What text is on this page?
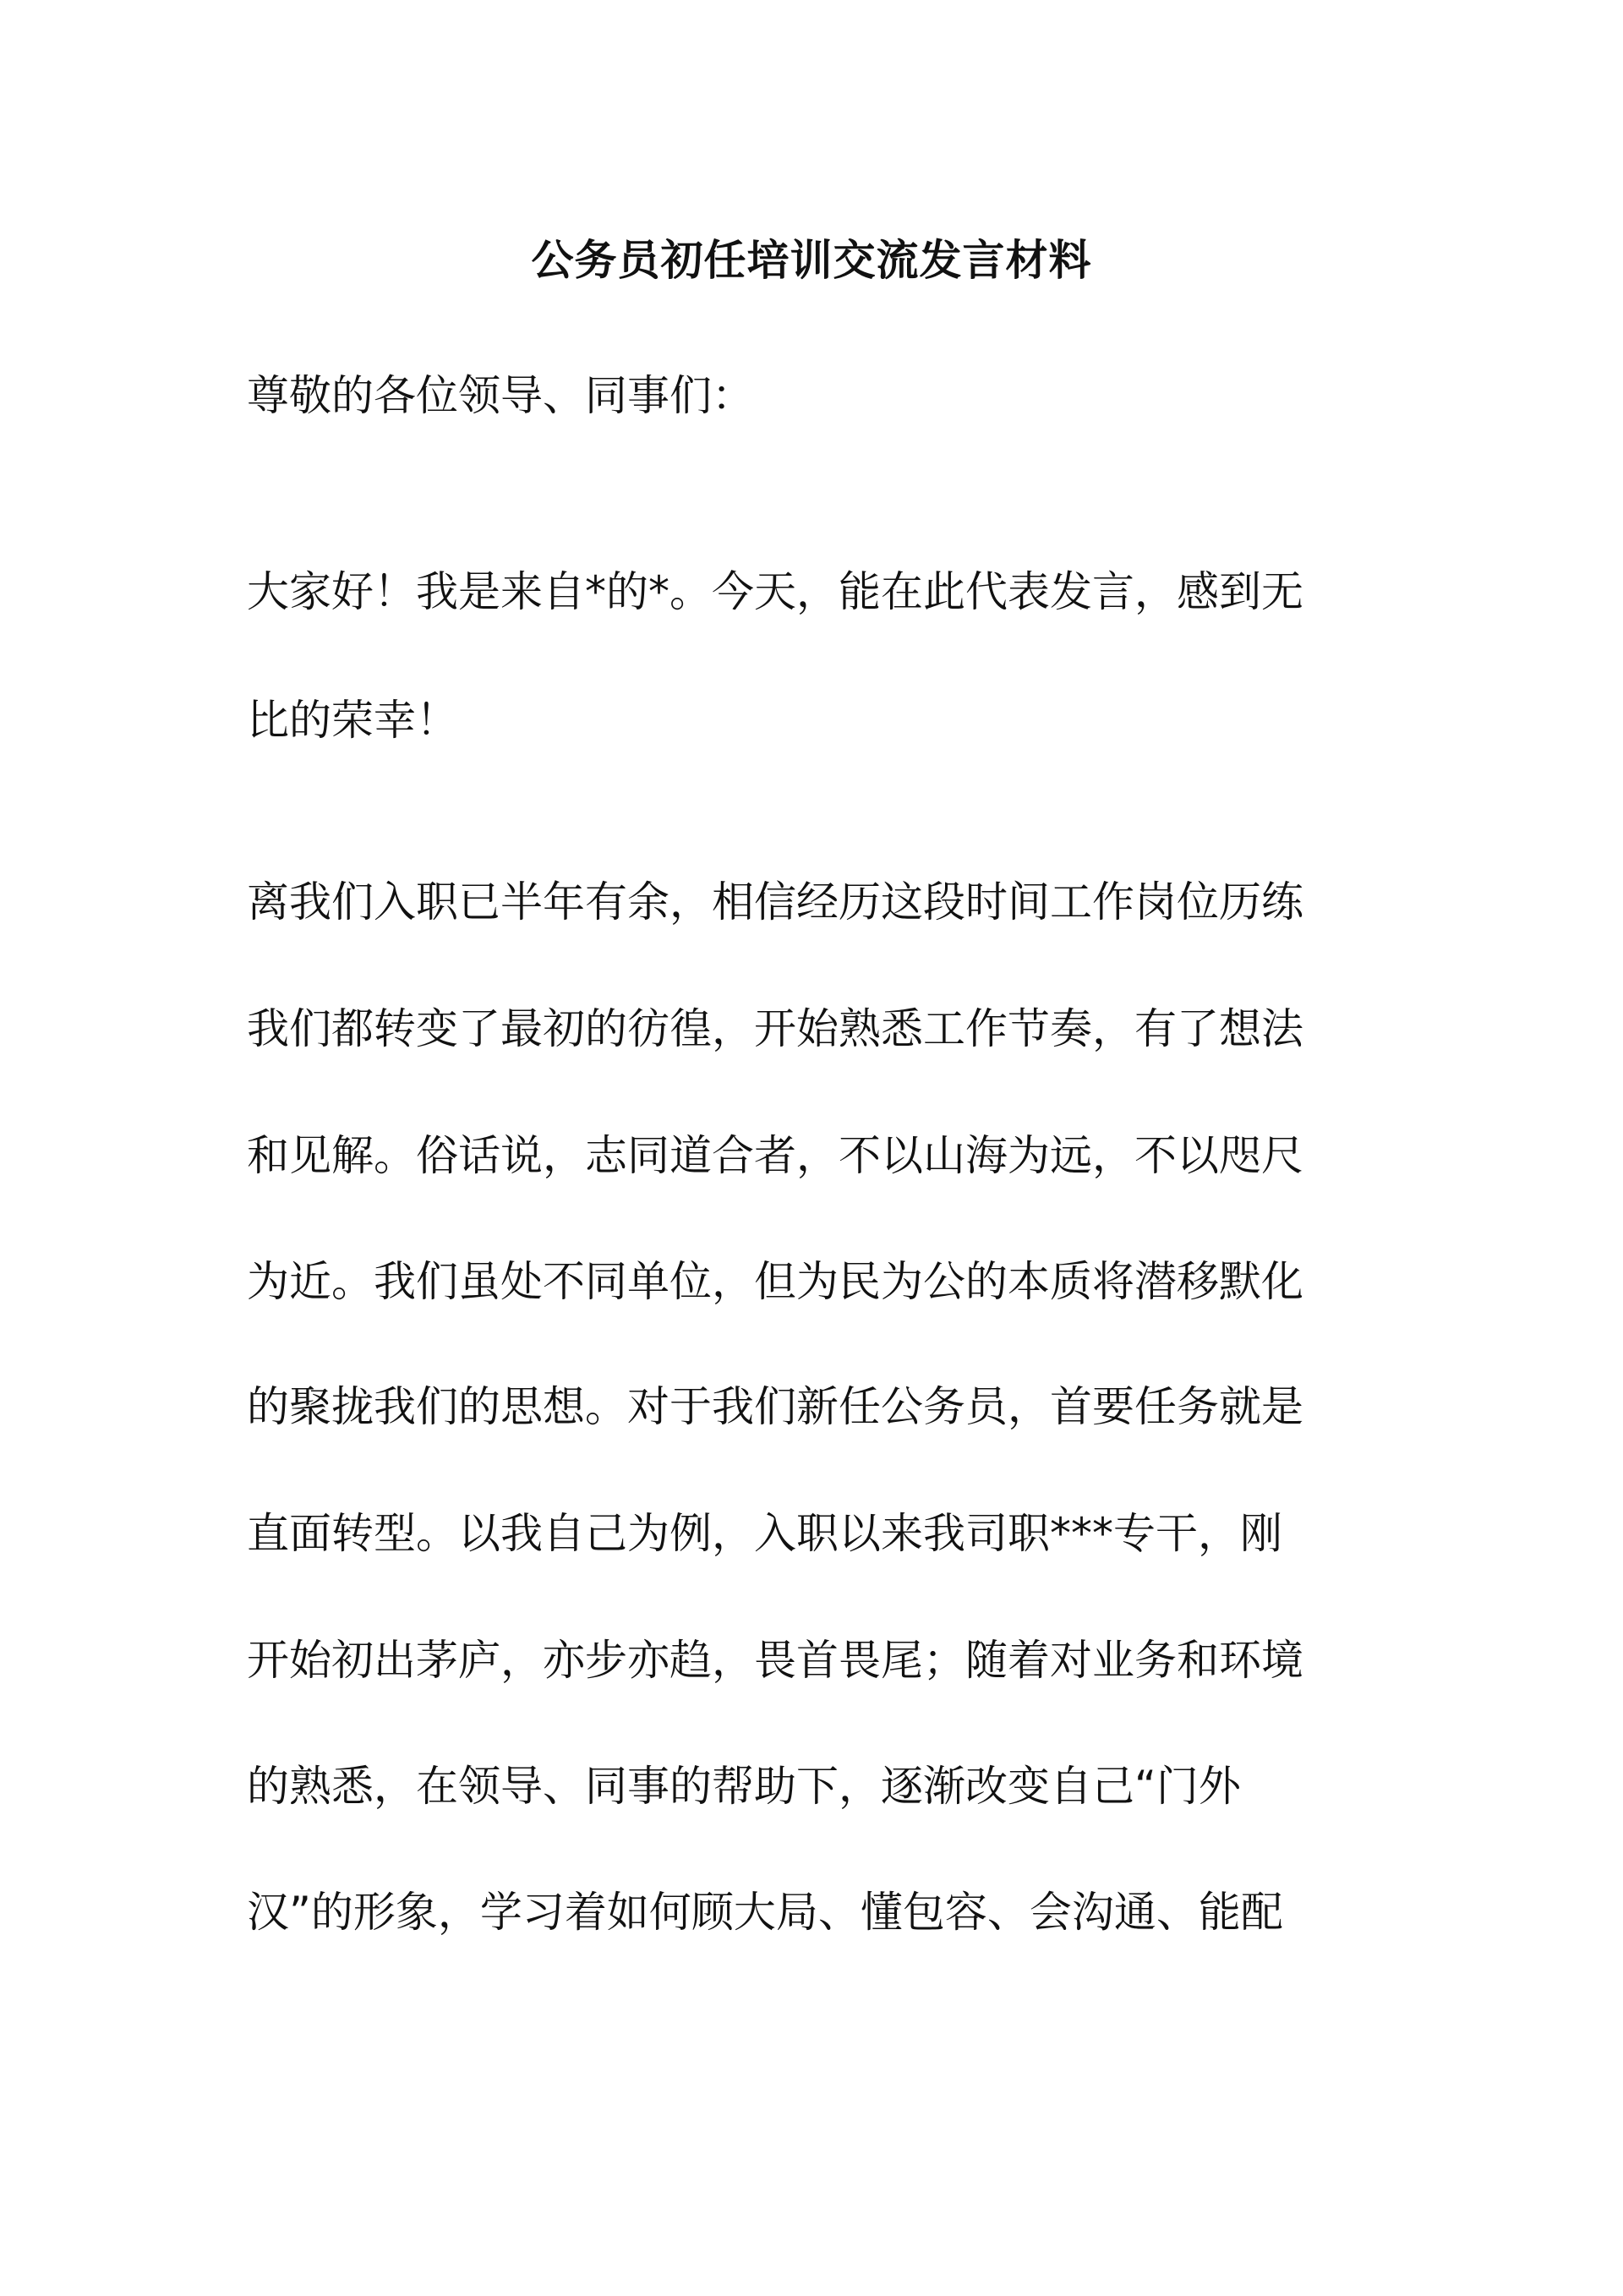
公务员初任培训交流发言材料
尊敬的各位领导、同事们：
大家好！我是来自*的*。今天，能在此代表发言，感到无
比的荣幸！
离我们入职已半年有余，相信经历这段时间工作岗位历练
我们都转变了最初的彷徨，开始熟悉工作节奏，有了想法
和见解。俗话说，志同道合者，不以山海为远，不以咫尺
为近。我们虽处不同单位，但为民为公的本质将潜移默化
的聚拢我们的思想。对于我们新任公务员，首要任务就是
直面转型。以我自己为例，入职以来我司职***专干，刚
开始初出茅庐，亦步亦趋，畏首畏尾；随着对业务和环境
的熟悉，在领导、同事的帮助下，逐渐改变自己“门外
汉”的形象，学习着如何顾大局、懂包容、会沟通、能配
